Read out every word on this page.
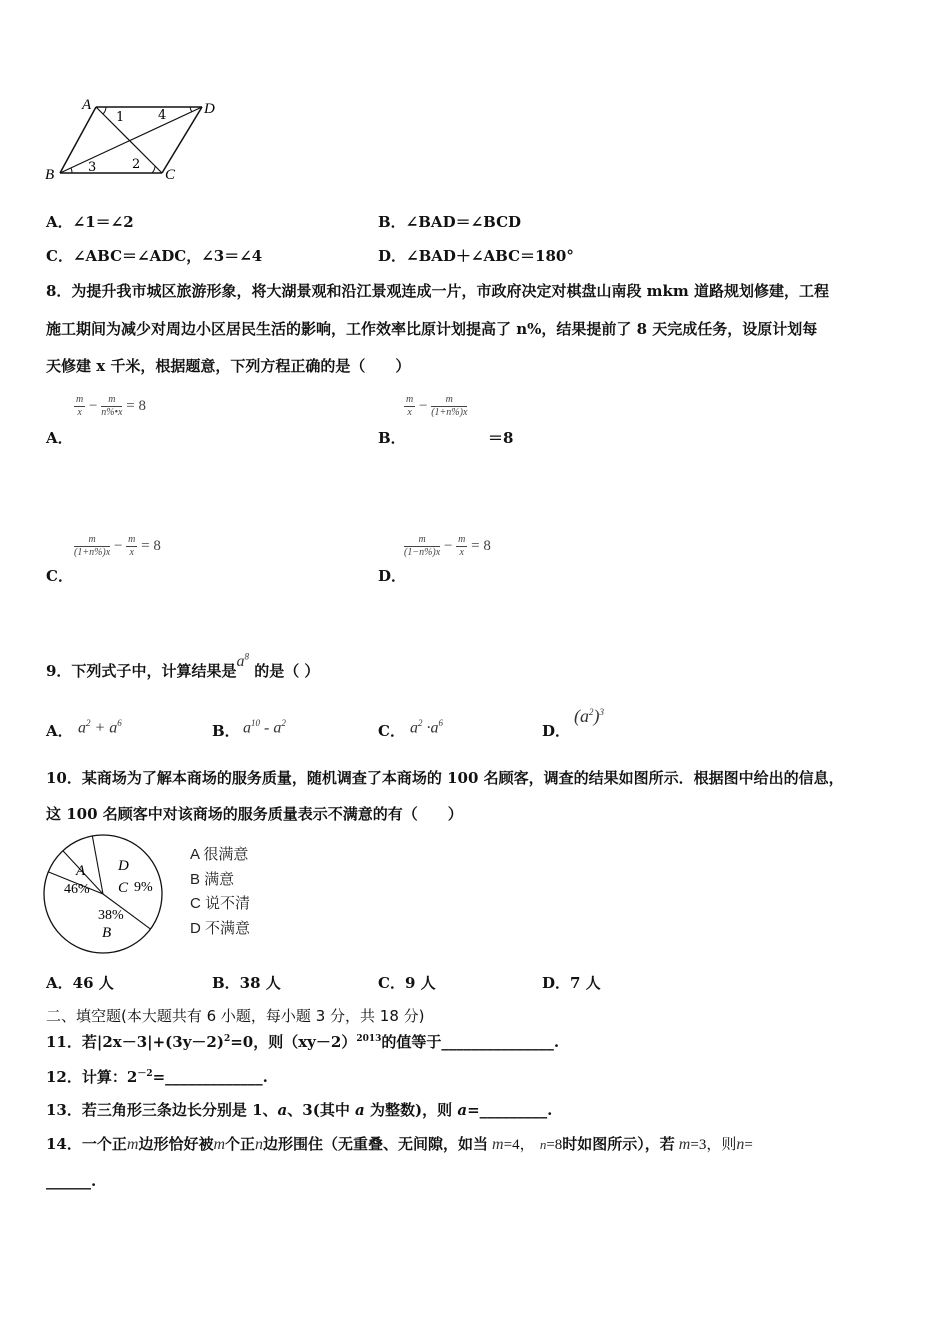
A	D
B	C
1	4
3	2
A．∠1＝∠2	B．∠BAD＝∠BCD
C．∠ABC＝∠ADC，∠3＝∠4	D．∠BAD＋∠ABC＝180°
8．为提升我市城区旅游形象，将大湖景观和沿江景观连成一片，市政府决定对棋盘山南段 mkm 道路规划修建，工程
施工期间为减少对周边小区居民生活的影响，工作效率比原计划提高了 n%，结果提前了 8 天完成任务，设原计划每
天修建 x 千米，根据题意，下列方程正确的是（　　）
$\frac{m}{x} - \frac{m}{n\%•x} = 8$
A．
$\frac{m}{x} - \frac{m}{(1+n\%)x}$
B．	＝8
$\frac{m}{(1+n\%)x} - \frac{m}{x} = 8$
C．
$\frac{m}{(1-n\%)x} - \frac{m}{x} = 8$
D．
9．下列式子中，计算结果是$a^8$ 的是（ ）
A． $a^2 + a^6$	B． $a^{10} - a^2$	C． $a^2 \cdot a^6$	D．
$(a^2)^3$
10．某商场为了解本商场的服务质量，随机调查了本商场的 100 名顾客，调查的结果如图所示．根据图中给出的信息，
这 100 名顾客中对该商场的服务质量表示不满意的有（　　）
A
46%
38%
B
D
C 9%
A 很满意
B 满意
C 说不清
D 不满意
A．46 人	B．38 人	C．9 人	D．7 人
二、填空题(本大题共有 6 小题，每小题 3 分，共 18 分)
11．若$|2x-3|+(3y-2)^2=0$，则$(xy-2)^{2013}$的值等于_______________.
12．计算：$2^{-2}=\_\_\_\_\_\_\_\_\_\_\_\_\_$.
13．若三角形三条边长分别是 1、a、3(其中 a 为整数)，则 a=_________.
14．一个正m边形恰好被m个正n边形围住（无重叠、无间隙，如当 m=4， n=8时如图所示），若 m=3，则n=
______.
